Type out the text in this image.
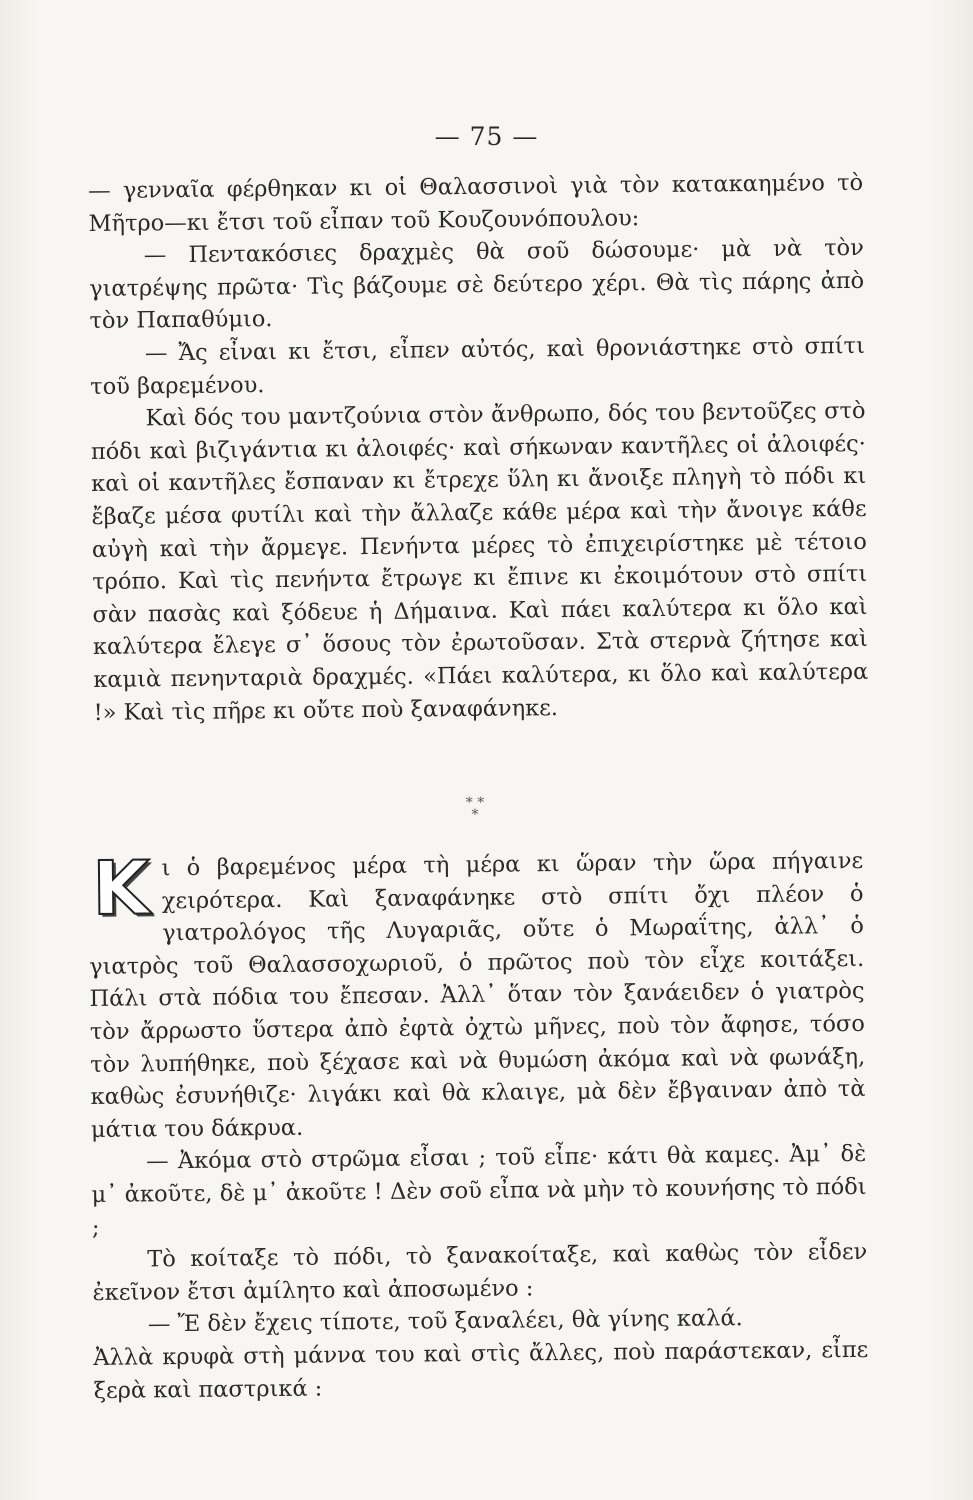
— 75 —

— γενναῖα φέρθηκαν κι οἱ Θαλασσινοὶ γιὰ τὸν κατακαημένο τὸ Μῆτρο—κι ἔτσι τοῦ εἶπαν τοῦ Κουζουνόπουλου:

— Πεντακόσιες δραχμὲς θὰ σοῦ δώσουμε· μὰ νὰ τὸν γιατρέψης πρῶτα· Τὶς βάζουμε σὲ δεύτερο χέρι. Θὰ τὶς πάρης ἀπὸ τὸν Παπαθύμιο.

— Ἄς εἶναι κι ἔτσι, εἶπεν αὐτός, καὶ θρονιάστηκε στὸ σπίτι τοῦ βαρεμένου.

Καὶ δός του μαντζούνια στὸν ἄνθρωπο, δός του βεντοῦζες στὸ πόδι καὶ βιζιγάντια κι ἀλοιφές· καὶ σήκωναν καντῆλες οἱ ἀλοιφές· καὶ οἱ καντῆλες ἔσπαναν κι ἔτρεχε ὕλη κι ἄνοιξε πληγὴ τὸ πόδι κι ἔβαζε μέσα φυτίλι καὶ τὴν ἄλλαζε κάθε μέρα καὶ τὴν ἄνοιγε κάθε αὐγὴ καὶ τὴν ἄρμεγε. Πενήντα μέρες τὸ ἐπιχειρίστηκε μὲ τέτοιο τρόπο. Καὶ τὶς πενήντα ἔτρωγε κι ἔπινε κι ἐκοιμότουν στὸ σπίτι σὰν πασὰς καὶ ξόδευε ἡ Δήμαινα. Καὶ πάει καλύτερα κι ὅλο καὶ καλύτερα ἔλεγε σ᾽ ὅσους τὸν ἐρωτοῦσαν. Στὰ στερνὰ ζήτησε καὶ καμιὰ πενηνταριὰ δραχμές. «Πάει καλύτερα, κι ὅλο καὶ καλύτερα !» Καὶ τὶς πῆρε κι οὔτε ποὺ ξαναφάνηκε.

* *
*

Κι ὁ βαρεμένος μέρα τὴ μέρα κι ὥραν τὴν ὥρα πήγαινε χειρότερα. Καὶ ξαναφάνηκε στὸ σπίτι ὄχι πλέον ὁ γιατρολόγος τῆς Λυγαριᾶς, οὔτε ὁ Μωραΐτης, ἀλλ᾽ ὁ γιατρὸς τοῦ Θαλασσοχωριοῦ, ὁ πρῶτος ποὺ τὸν εἶχε κοιτάξει. Πάλι στὰ πόδια του ἔπεσαν. Ἀλλ᾽ ὅταν τὸν ξανάειδεν ὁ γιατρὸς τὸν ἄρρωστο ὕστερα ἀπὸ ἐφτὰ ὀχτὼ μῆνες, ποὺ τὸν ἄφησε, τόσο τὸν λυπήθηκε, ποὺ ξέχασε καὶ νὰ θυμώση ἀκόμα καὶ νὰ φωνάξη, καθὼς ἐσυνήθιζε· λιγάκι καὶ θὰ κλαιγε, μὰ δὲν ἔβγαιναν ἀπὸ τὰ μάτια του δάκρυα.

— Ἀκόμα στὸ στρῶμα εἶσαι ; τοῦ εἶπε· κάτι θὰ καμες. Ἀμ᾽ δὲ μ᾽ ἀκοῦτε, δὲ μ᾽ ἀκοῦτε ! Δὲν σοῦ εἶπα νὰ μὴν τὸ κουνήσης τὸ πόδι ;

Τὸ κοίταξε τὸ πόδι, τὸ ξανακοίταξε, καὶ καθὼς τὸν εἶδεν ἐκεῖνον ἔτσι ἀμίλητο καὶ ἀποσωμένο :

— Ἔ δὲν ἔχεις τίποτε, τοῦ ξαναλέει, θὰ γίνης καλά.

Ἀλλὰ κρυφὰ στὴ μάννα του καὶ στὶς ἄλλες, ποὺ παράστεκαν, εἶπε ξερὰ καὶ παστρικά :
